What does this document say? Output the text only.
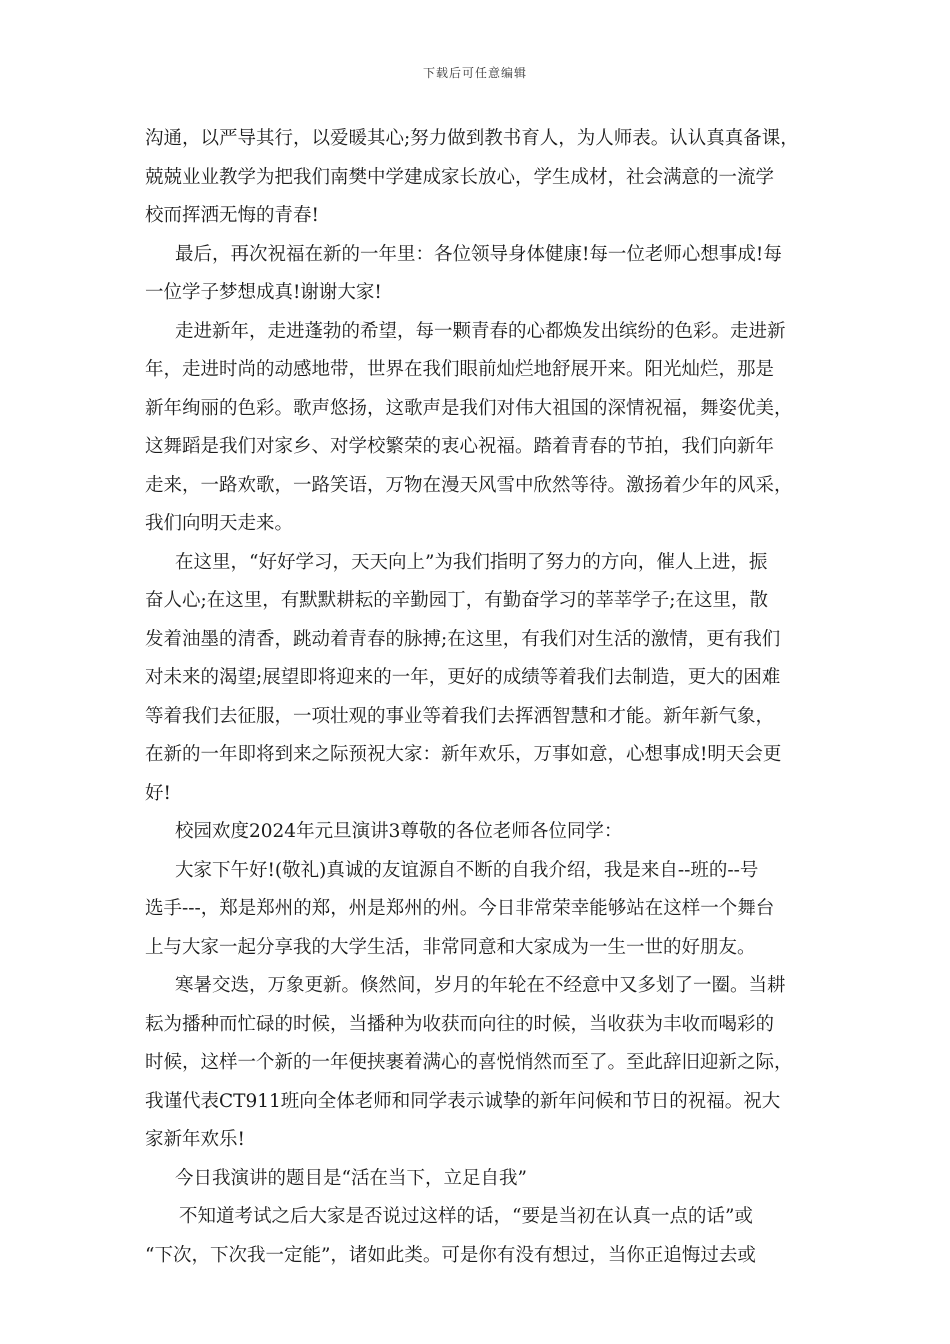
下载后可任意编辑
沟通，以严导其行，以爱暖其心;努力做到教书育人，为人师表。认认真真备课，
兢兢业业教学为把我们南樊中学建成家长放心，学生成材，社会满意的一流学
校而挥洒无悔的青春!
最后，再次祝福在新的一年里：各位领导身体健康!每一位老师心想事成!每
一位学子梦想成真!谢谢大家!
走进新年，走进蓬勃的希望，每一颗青春的心都焕发出缤纷的色彩。走进新
年，走进时尚的动感地带，世界在我们眼前灿烂地舒展开来。阳光灿烂，那是
新年绚丽的色彩。歌声悠扬，这歌声是我们对伟大祖国的深情祝福，舞姿优美，
这舞蹈是我们对家乡、对学校繁荣的衷心祝福。踏着青春的节拍，我们向新年
走来，一路欢歌，一路笑语，万物在漫天风雪中欣然等待。激扬着少年的风采，
我们向明天走来。
在这里，“好好学习，天天向上”为我们指明了努力的方向，催人上进，振
奋人心;在这里，有默默耕耘的辛勤园丁，有勤奋学习的莘莘学子;在这里，散
发着油墨的清香，跳动着青春的脉搏;在这里，有我们对生活的激情，更有我们
对未来的渴望;展望即将迎来的一年，更好的成绩等着我们去制造，更大的困难
等着我们去征服，一项壮观的事业等着我们去挥洒智慧和才能。新年新气象，
在新的一年即将到来之际预祝大家：新年欢乐，万事如意，心想事成!明天会更
好!
校园欢度2024年元旦演讲3尊敬的各位老师各位同学：
大家下午好!(敬礼)真诚的友谊源自不断的自我介绍，我是来自--班的--号
选手---，郑是郑州的郑，州是郑州的州。今日非常荣幸能够站在这样一个舞台
上与大家一起分享我的大学生活，非常同意和大家成为一生一世的好朋友。
寒暑交迭，万象更新。倏然间，岁月的年轮在不经意中又多划了一圈。当耕
耘为播种而忙碌的时候，当播种为收获而向往的时候，当收获为丰收而喝彩的
时候，这样一个新的一年便挟裹着满心的喜悦悄然而至了。至此辞旧迎新之际，
我谨代表CT911班向全体老师和同学表示诚挚的新年问候和节日的祝福。祝大
家新年欢乐!
今日我演讲的题目是“活在当下，立足自我”
不知道考试之后大家是否说过这样的话，“要是当初在认真一点的话”或
“下次，下次我一定能”，诸如此类。可是你有没有想过，当你正追悔过去或
